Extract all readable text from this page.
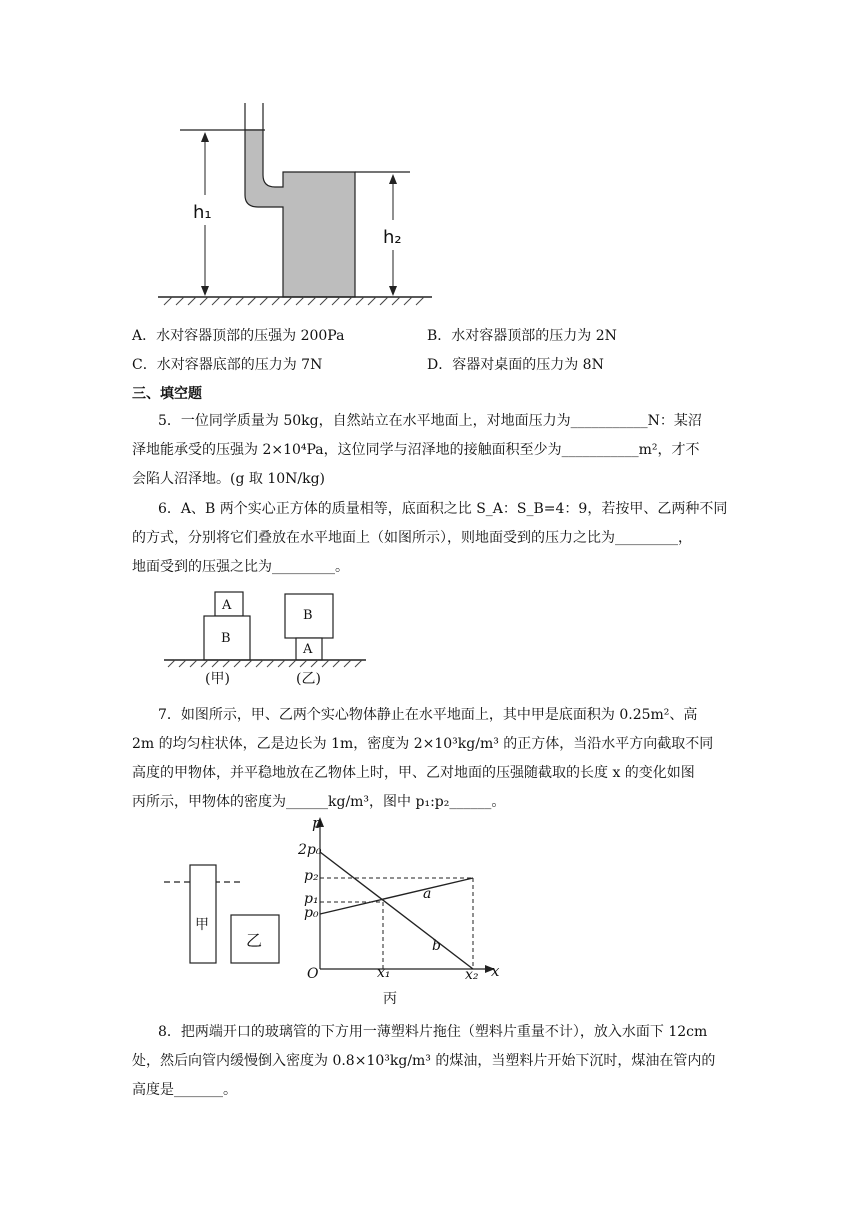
h₁
h₂
A．水对容器顶部的压强为 200Pa	B．水对容器顶部的压力为 2N
C．水对容器底部的压力为 7N	D．容器对桌面的压力为 8N
三、填空题
5．一位同学质量为 50kg，自然站立在水平地面上，对地面压力为___________N：某沼
泽地能承受的压强为 2×10⁴Pa，这位同学与沼泽地的接触面积至少为___________m²，才不
会陷人沼泽地。(g 取 10N/kg)
6．A、B 两个实心正方体的质量相等，底面积之比 S_A：S_B=4：9，若按甲、乙两种不同
的方式，分别将它们叠放在水平地面上（如图所示），则地面受到的压力之比为_________，
地面受到的压强之比为_________。
A
B
B
A
(甲)	(乙)
7．如图所示，甲、乙两个实心物体静止在水平地面上，其中甲是底面积为 0.25m²、高
2m 的均匀柱状体，乙是边长为 1m，密度为 2×10³kg/m³ 的正方体，当沿水平方向截取不同
高度的甲物体，并平稳地放在乙物体上时，甲、乙对地面的压强随截取的长度 x 的变化如图
丙所示，甲物体的密度为______kg/m³，图中 p₁:p₂______。
甲
乙
p
2p₀
p₂
p₁
p₀
O	x₁	x₂ x
a
b
丙
8．把两端开口的玻璃管的下方用一薄塑料片拖住（塑料片重量不计），放入水面下 12cm
处，然后向管内缓慢倒入密度为 0.8×10³kg/m³ 的煤油，当塑料片开始下沉时，煤油在管内的
高度是_______。
